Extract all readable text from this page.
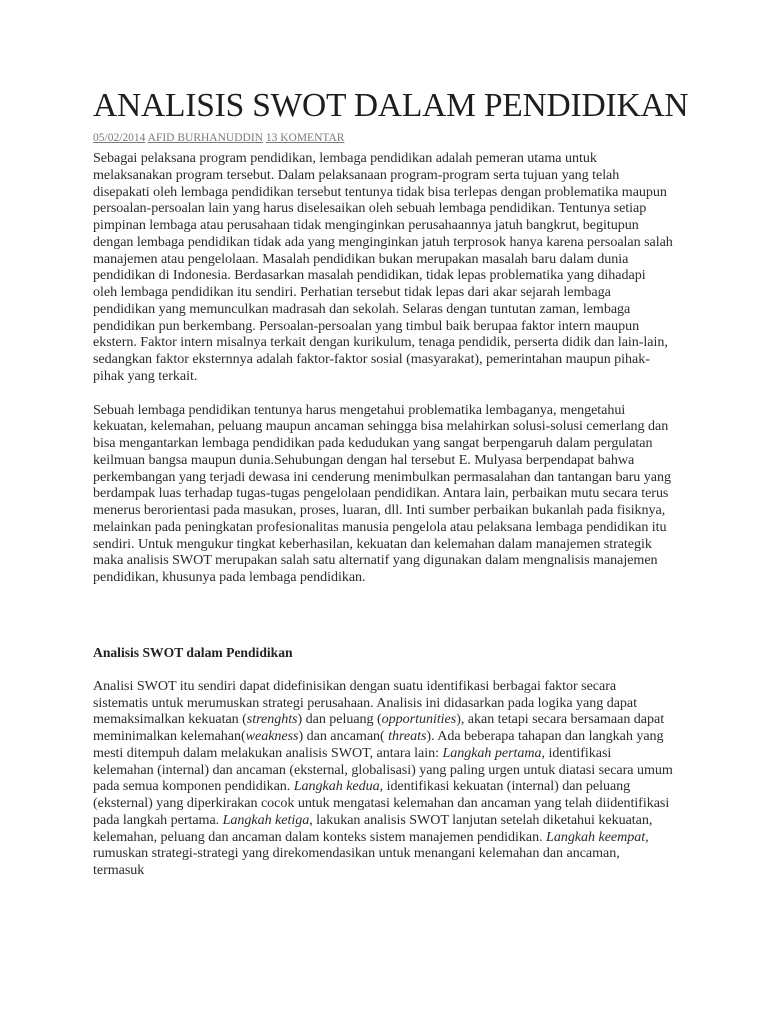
ANALISIS SWOT DALAM PENDIDIKAN
05/02/2014 AFID BURHANUDDIN 13 KOMENTAR

Sebagai pelaksana program pendidikan, lembaga pendidikan adalah pemeran utama untuk melaksanakan program tersebut. Dalam pelaksanaan program-program serta tujuan yang telah disepakati oleh lembaga pendidikan tersebut tentunya tidak bisa terlepas dengan problematika maupun persoalan-persoalan lain yang harus diselesaikan oleh sebuah lembaga pendidikan. Tentunya setiap pimpinan lembaga atau perusahaan tidak menginginkan perusahaannya jatuh bangkrut, begitupun dengan lembaga pendidikan tidak ada yang menginginkan jatuh terprosok hanya karena persoalan salah manajemen atau pengelolaan. Masalah pendidikan bukan merupakan masalah baru dalam dunia pendidikan di Indonesia. Berdasarkan masalah pendidikan, tidak lepas problematika yang dihadapi oleh lembaga pendidikan itu sendiri. Perhatian tersebut tidak lepas dari akar sejarah lembaga pendidikan yang memunculkan madrasah dan sekolah. Selaras dengan tuntutan zaman, lembaga pendidikan pun berkembang. Persoalan-persoalan yang timbul baik berupaa faktor intern maupun ekstern. Faktor intern misalnya terkait dengan kurikulum, tenaga pendidik, perserta didik dan lain-lain, sedangkan faktor eksternnya adalah faktor-faktor sosial (masyarakat), pemerintahan maupun pihak-pihak yang terkait.

Sebuah lembaga pendidikan tentunya harus mengetahui problematika lembaganya, mengetahui kekuatan, kelemahan, peluang maupun ancaman sehingga bisa melahirkan solusi-solusi cemerlang dan bisa mengantarkan lembaga pendidikan pada kedudukan yang sangat berpengaruh dalam pergulatan keilmuan bangsa maupun dunia.Sehubungan dengan hal tersebut E. Mulyasa berpendapat bahwa perkembangan yang terjadi dewasa ini cenderung menimbulkan permasalahan dan tantangan baru yang berdampak luas terhadap tugas-tugas pengelolaan pendidikan. Antara lain, perbaikan mutu secara terus menerus berorientasi pada masukan, proses, luaran, dll. Inti sumber perbaikan bukanlah pada fisiknya, melainkan pada peningkatan profesionalitas manusia pengelola atau pelaksana lembaga pendidikan itu sendiri. Untuk mengukur tingkat keberhasilan, kekuatan dan kelemahan dalam manajemen strategik maka analisis SWOT merupakan salah satu alternatif yang digunakan dalam mengnalisis manajemen pendidikan, khusunya pada lembaga pendidikan.

Analisis SWOT dalam Pendidikan

Analisi SWOT itu sendiri dapat didefinisikan dengan suatu identifikasi berbagai faktor secara sistematis untuk merumuskan strategi perusahaan. Analisis ini didasarkan pada logika yang dapat memaksimalkan kekuatan (strenghts) dan peluang (opportunities), akan tetapi secara bersamaan dapat meminimalkan kelemahan(weakness) dan ancaman( threats). Ada beberapa tahapan dan langkah yang mesti ditempuh dalam melakukan analisis SWOT, antara lain: Langkah pertama, identifikasi kelemahan (internal) dan ancaman (eksternal, globalisasi) yang paling urgen untuk diatasi secara umum pada semua komponen pendidikan. Langkah kedua, identifikasi kekuatan (internal) dan peluang (eksternal) yang diperkirakan cocok untuk mengatasi kelemahan dan ancaman yang telah diidentifikasi pada langkah pertama. Langkah ketiga, lakukan analisis SWOT lanjutan setelah diketahui kekuatan, kelemahan, peluang dan ancaman dalam konteks sistem manajemen pendidikan. Langkah keempat, rumuskan strategi-strategi yang direkomendasikan untuk menangani kelemahan dan ancaman, termasuk
